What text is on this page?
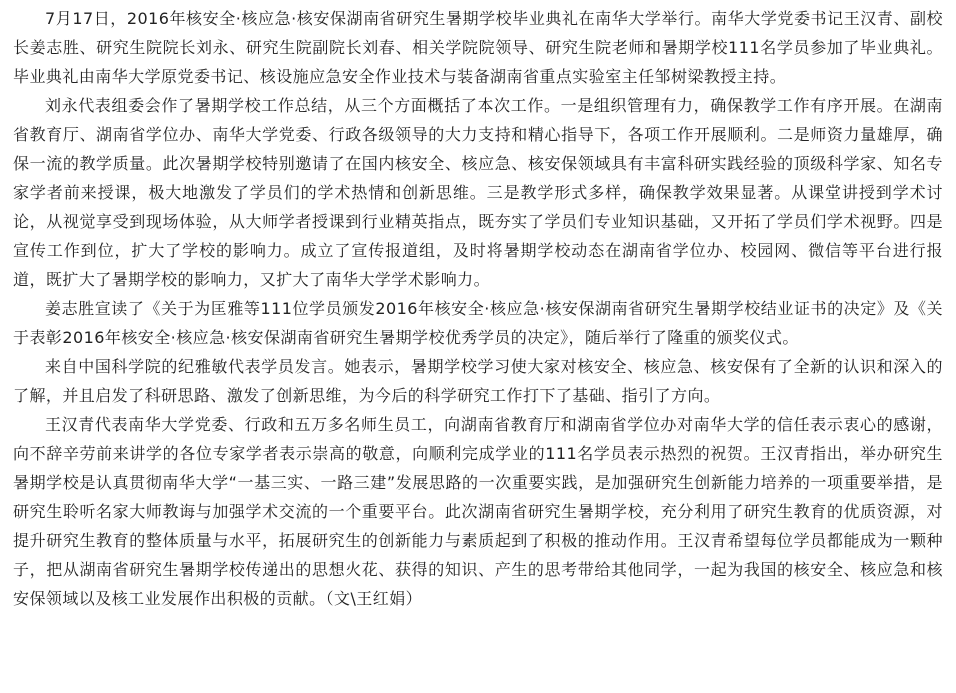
7月17日，2016年核安全·核应急·核安保湖南省研究生暑期学校毕业典礼在南华大学举行。南华大学党委书记王汉青、副校长姜志胜、研究生院院长刘永、研究生院副院长刘春、相关学院院领导、研究生院老师和暑期学校111名学员参加了毕业典礼。毕业典礼由南华大学原党委书记、核设施应急安全作业技术与装备湖南省重点实验室主任邹树梁教授主持。

刘永代表组委会作了暑期学校工作总结，从三个方面概括了本次工作。一是组织管理有力，确保教学工作有序开展。在湖南省教育厅、湖南省学位办、南华大学党委、行政各级领导的大力支持和精心指导下，各项工作开展顺利。二是师资力量雄厚，确保一流的教学质量。此次暑期学校特别邀请了在国内核安全、核应急、核安保领域具有丰富科研实践经验的顶级科学家、知名专家学者前来授课，极大地激发了学员们的学术热情和创新思维。三是教学形式多样，确保教学效果显著。从课堂讲授到学术讨论，从视觉享受到现场体验，从大师学者授课到行业精英指点，既夯实了学员们专业知识基础，又开拓了学员们学术视野。四是宣传工作到位，扩大了学校的影响力。成立了宣传报道组，及时将暑期学校动态在湖南省学位办、校园网、微信等平台进行报道，既扩大了暑期学校的影响力，又扩大了南华大学学术影响力。

姜志胜宣读了《关于为匡雅等111位学员颁发2016年核安全·核应急·核安保湖南省研究生暑期学校结业证书的决定》及《关于表彰2016年核安全·核应急·核安保湖南省研究生暑期学校优秀学员的决定》，随后举行了隆重的颁奖仪式。

来自中国科学院的纪雅敏代表学员发言。她表示，暑期学校学习使大家对核安全、核应急、核安保有了全新的认识和深入的了解，并且启发了科研思路、激发了创新思维，为今后的科学研究工作打下了基础、指引了方向。

王汉青代表南华大学党委、行政和五万多名师生员工，向湖南省教育厅和湖南省学位办对南华大学的信任表示衷心的感谢，向不辞辛劳前来讲学的各位专家学者表示崇高的敬意，向顺利完成学业的111名学员表示热烈的祝贺。王汉青指出，举办研究生暑期学校是认真贯彻南华大学“一基三实、一路三建”发展思路的一次重要实践，是加强研究生创新能力培养的一项重要举措，是研究生聆听名家大师教诲与加强学术交流的一个重要平台。此次湖南省研究生暑期学校，充分利用了研究生教育的优质资源，对提升研究生教育的整体质量与水平，拓展研究生的创新能力与素质起到了积极的推动作用。王汉青希望每位学员都能成为一颗种子，把从湖南省研究生暑期学校传递出的思想火花、获得的知识、产生的思考带给其他同学，一起为我国的核安全、核应急和核安保领域以及核工业发展作出积极的贡献。（文\王红娟）
